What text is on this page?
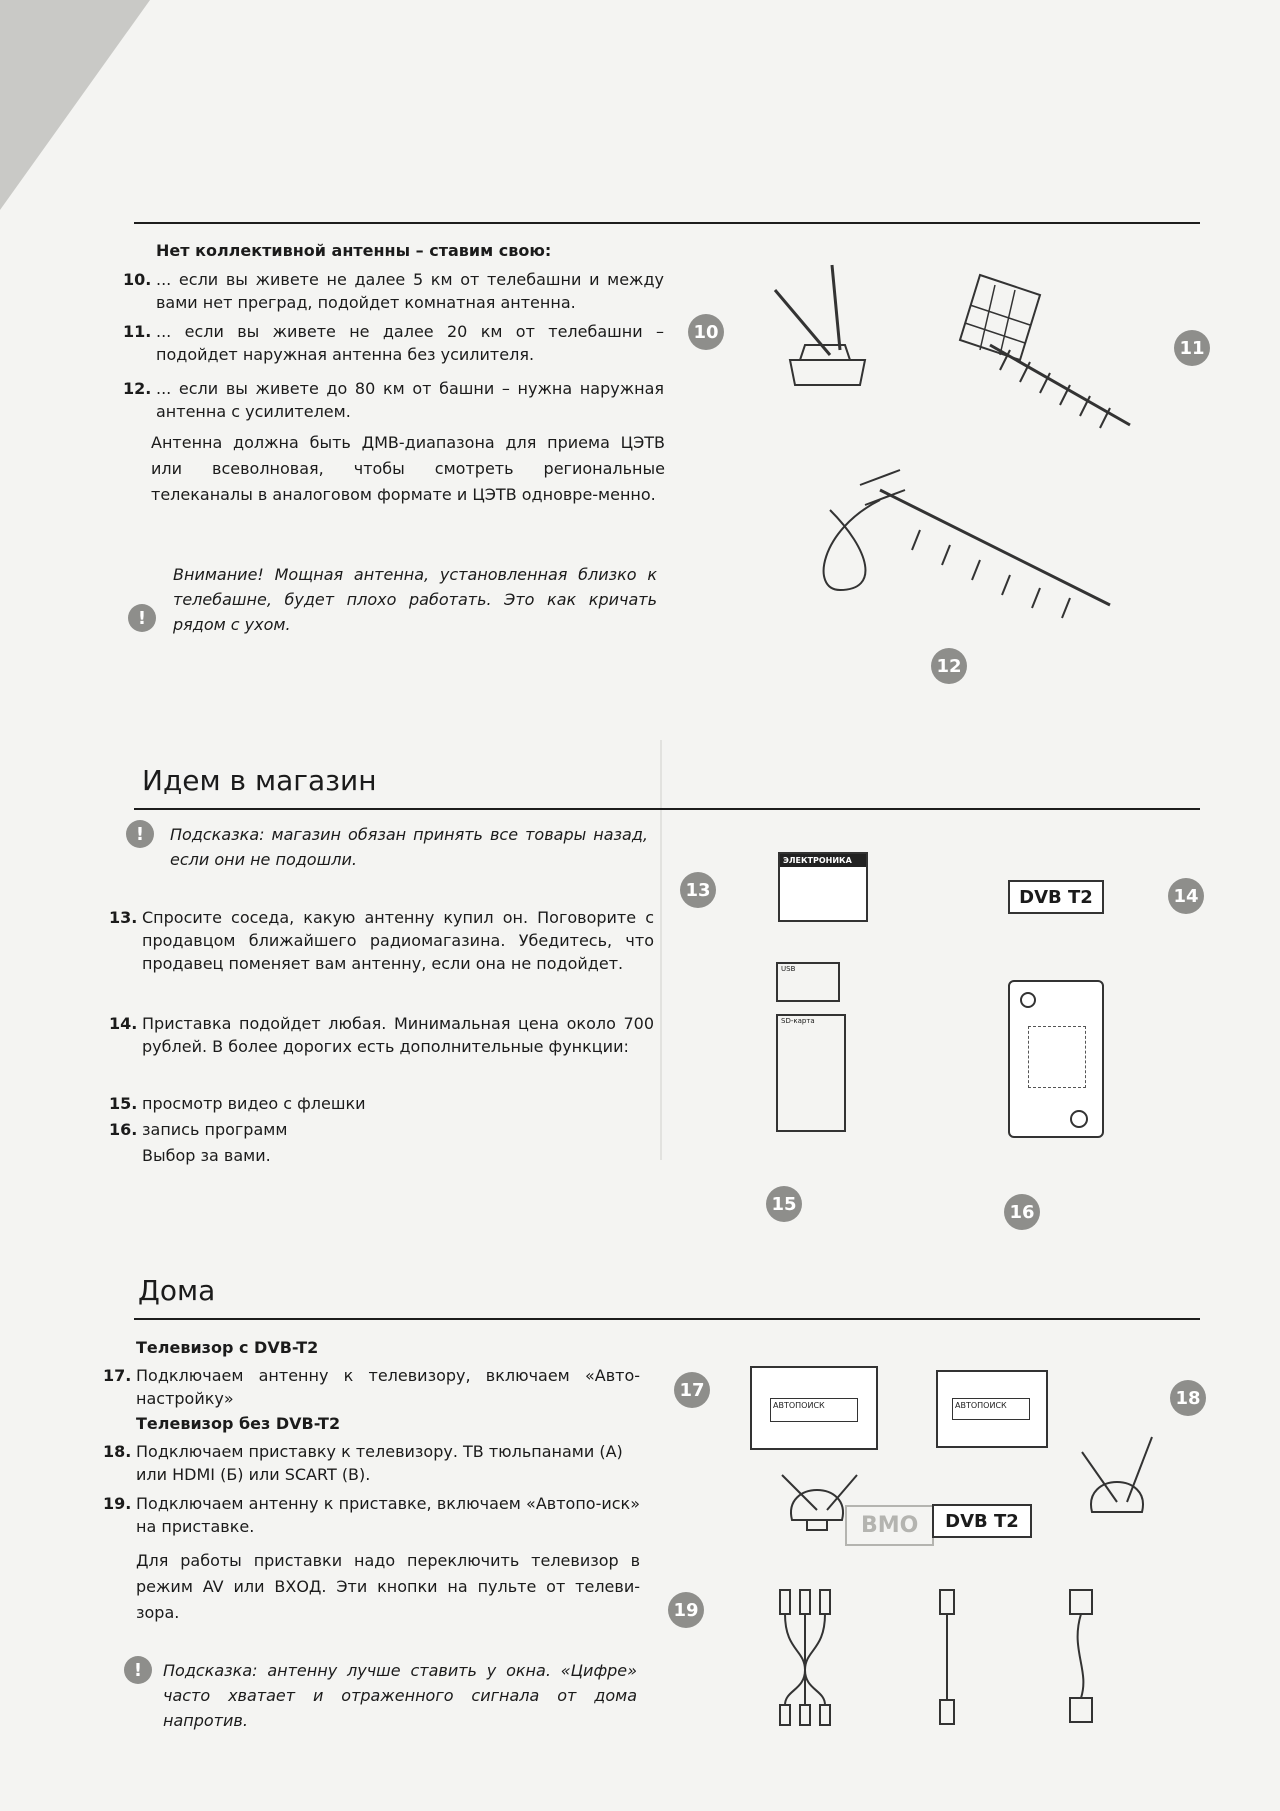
ВМО
Нет коллективной антенны – ставим свою:
10. ... если вы живете не далее 5 км от телебашни и между вами нет преград, подойдет комнатная антенна.
11. ... если вы живете не далее 20 км от телебашни – подойдет наружная антенна без усилителя.
12. ... если вы живете до 80 км от башни – нужна наружная антенна с усилителем.
Антенна должна быть ДМВ-диапазона для приема ЦЭТВ или всеволновая, чтобы смотреть региональные телеканалы в аналоговом формате и ЦЭТВ одновре-менно.
!
Внимание! Мощная антенна, установленная близко к телебашне, будет плохо работать. Это как кричать рядом с ухом.
10
11
12
Идем в магазин
!	Подсказка: магазин обязан принять все товары назад, если они не подошли.
13. Спросите соседа, какую антенну купил он. Поговорите с продавцом ближайшего радиомагазина. Убедитесь, что продавец поменяет вам антенну, если она не подойдет.
14. Приставка подойдет любая. Минимальная цена около 700 рублей. В более дорогих есть дополнительные функции:
15. просмотр видео с флешки
16. запись программ
Выбор за вами.
13
ЭЛЕКТРОНИКА
DVB T2	14
USB
SD-карта
15	16
Дома
Телевизор с DVB-T2
17. Подключаем антенну к телевизору, включаем «Авто-настройку»
Телевизор без DVB-T2
18. Подключаем приставку к телевизору. ТВ тюльпанами (А) или HDMI (Б) или SCART (В).
19. Подключаем антенну к приставке, включаем «Автопо-иск» на приставке.
Для работы приставки надо переключить телевизор в режим AV или ВХОД. Эти кнопки на пульте от телеви-зора.
!	Подсказка: антенну лучше ставить у окна. «Цифре» часто хватает и отраженного сигнала от дома напротив.
17
АВТОПОИСК	АВТОПОИСК	18
DVB T2
19
